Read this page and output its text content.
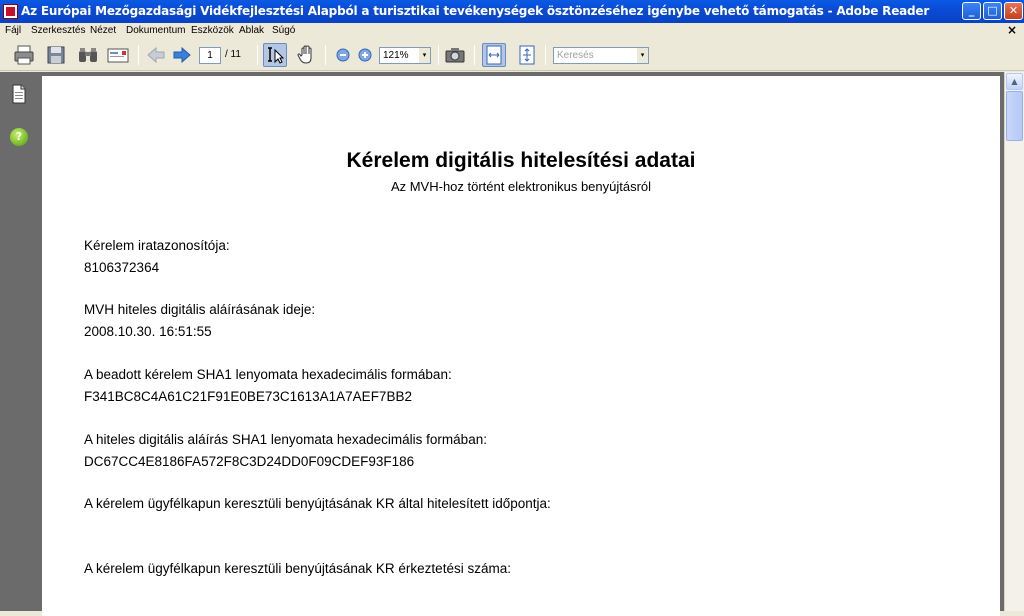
Az Európai Mezőgazdasági Vidékfejlesztési Alapból a turisztikai tevékenységek ösztönzéséhez igénybe vehető támogatás - Adobe Reader	_	□	✕
Fájl Szerkesztés Nézet Dokumentum Eszközök Ablak Súgó	×
1	/ 11	121%	▾	Keresés	▾
?
Kérelem digitális hitelesítési adatai
Az MVH-hoz történt elektronikus benyújtásról
Kérelem iratazonosítója:
8106372364
MVH hiteles digitális aláírásának ideje:
2008.10.30. 16:51:55
A beadott kérelem SHA1 lenyomata hexadecimális formában:
F341BC8C4A61C21F91E0BE73C1613A1A7AEF7BB2
A hiteles digitális aláírás SHA1 lenyomata hexadecimális formában:
DC67CC4E8186FA572F8C3D24DD0F09CDEF93F186
A kérelem ügyfélkapun keresztüli benyújtásának KR által hitelesített időpontja:
A kérelem ügyfélkapun keresztüli benyújtásának KR érkeztetési száma:
▲
